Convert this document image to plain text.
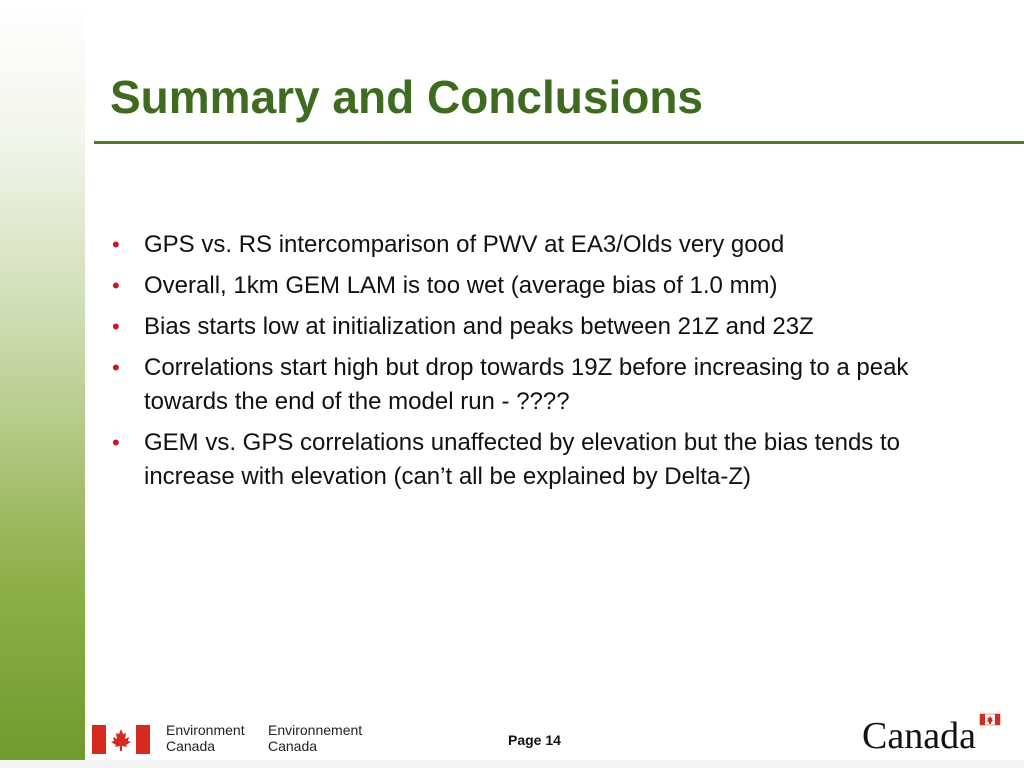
Summary and Conclusions
• GPS vs. RS intercomparison of PWV at EA3/Olds very good
• Overall, 1km GEM LAM is too wet (average bias of 1.0 mm)
• Bias starts low at initialization and peaks between 21Z and 23Z
• Correlations start high but drop towards 19Z before increasing to a peak towards the end of the model run - ????
• GEM vs. GPS correlations unaffected by elevation but the bias tends to increase with elevation (can’t all be explained by Delta-Z)
Environment
Canada
Environnement
Canada	Page 14	Canada
